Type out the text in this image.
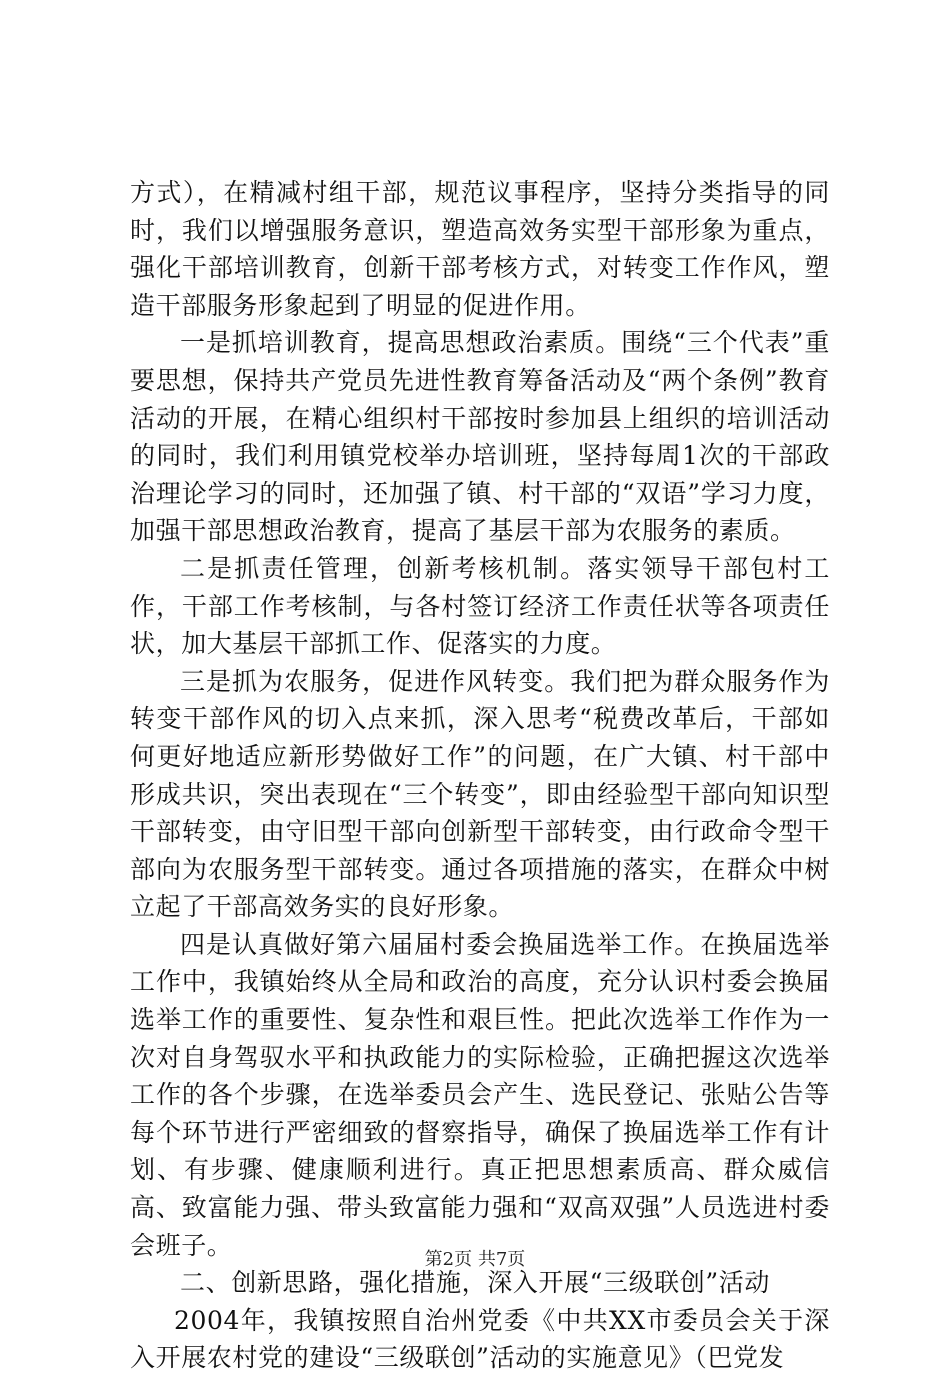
方式），在精减村组干部，规范议事程序，坚持分类指导的同时，我们以增强服务意识，塑造高效务实型干部形象为重点，强化干部培训教育，创新干部考核方式，对转变工作作风，塑造干部服务形象起到了明显的促进作用。

一是抓培训教育，提高思想政治素质。围绕“三个代表”重要思想，保持共产党员先进性教育筹备活动及“两个条例”教育活动的开展，在精心组织村干部按时参加县上组织的培训活动的同时，我们利用镇党校举办培训班，坚持每周1次的干部政治理论学习的同时，还加强了镇、村干部的“双语”学习力度，加强干部思想政治教育，提高了基层干部为农服务的素质。

二是抓责任管理，创新考核机制。落实领导干部包村工作，干部工作考核制，与各村签订经济工作责任状等各项责任状，加大基层干部抓工作、促落实的力度。

三是抓为农服务，促进作风转变。我们把为群众服务作为转变干部作风的切入点来抓，深入思考“税费改革后，干部如何更好地适应新形势做好工作”的问题，在广大镇、村干部中形成共识，突出表现在“三个转变”，即由经验型干部向知识型干部转变，由守旧型干部向创新型干部转变，由行政命令型干部向为农服务型干部转变。通过各项措施的落实，在群众中树立起了干部高效务实的良好形象。

四是认真做好第六届届村委会换届选举工作。在换届选举工作中，我镇始终从全局和政治的高度，充分认识村委会换届选举工作的重要性、复杂性和艰巨性。把此次选举工作作为一次对自身驾驭水平和执政能力的实际检验，正确把握这次选举工作的各个步骤，在选举委员会产生、选民登记、张贴公告等每个环节进行严密细致的督察指导，确保了换届选举工作有计划、有步骤、健康顺利进行。真正把思想素质高、群众威信高、致富能力强、带头致富能力强和“双高双强”人员选进村委会班子。

二、创新思路，强化措施，深入开展“三级联创”活动

2004年，我镇按照自治州党委《中共XX市委员会关于深入开展农村党的建设“三级联创”活动的实施意见》（巴党发

第2页 共7页
